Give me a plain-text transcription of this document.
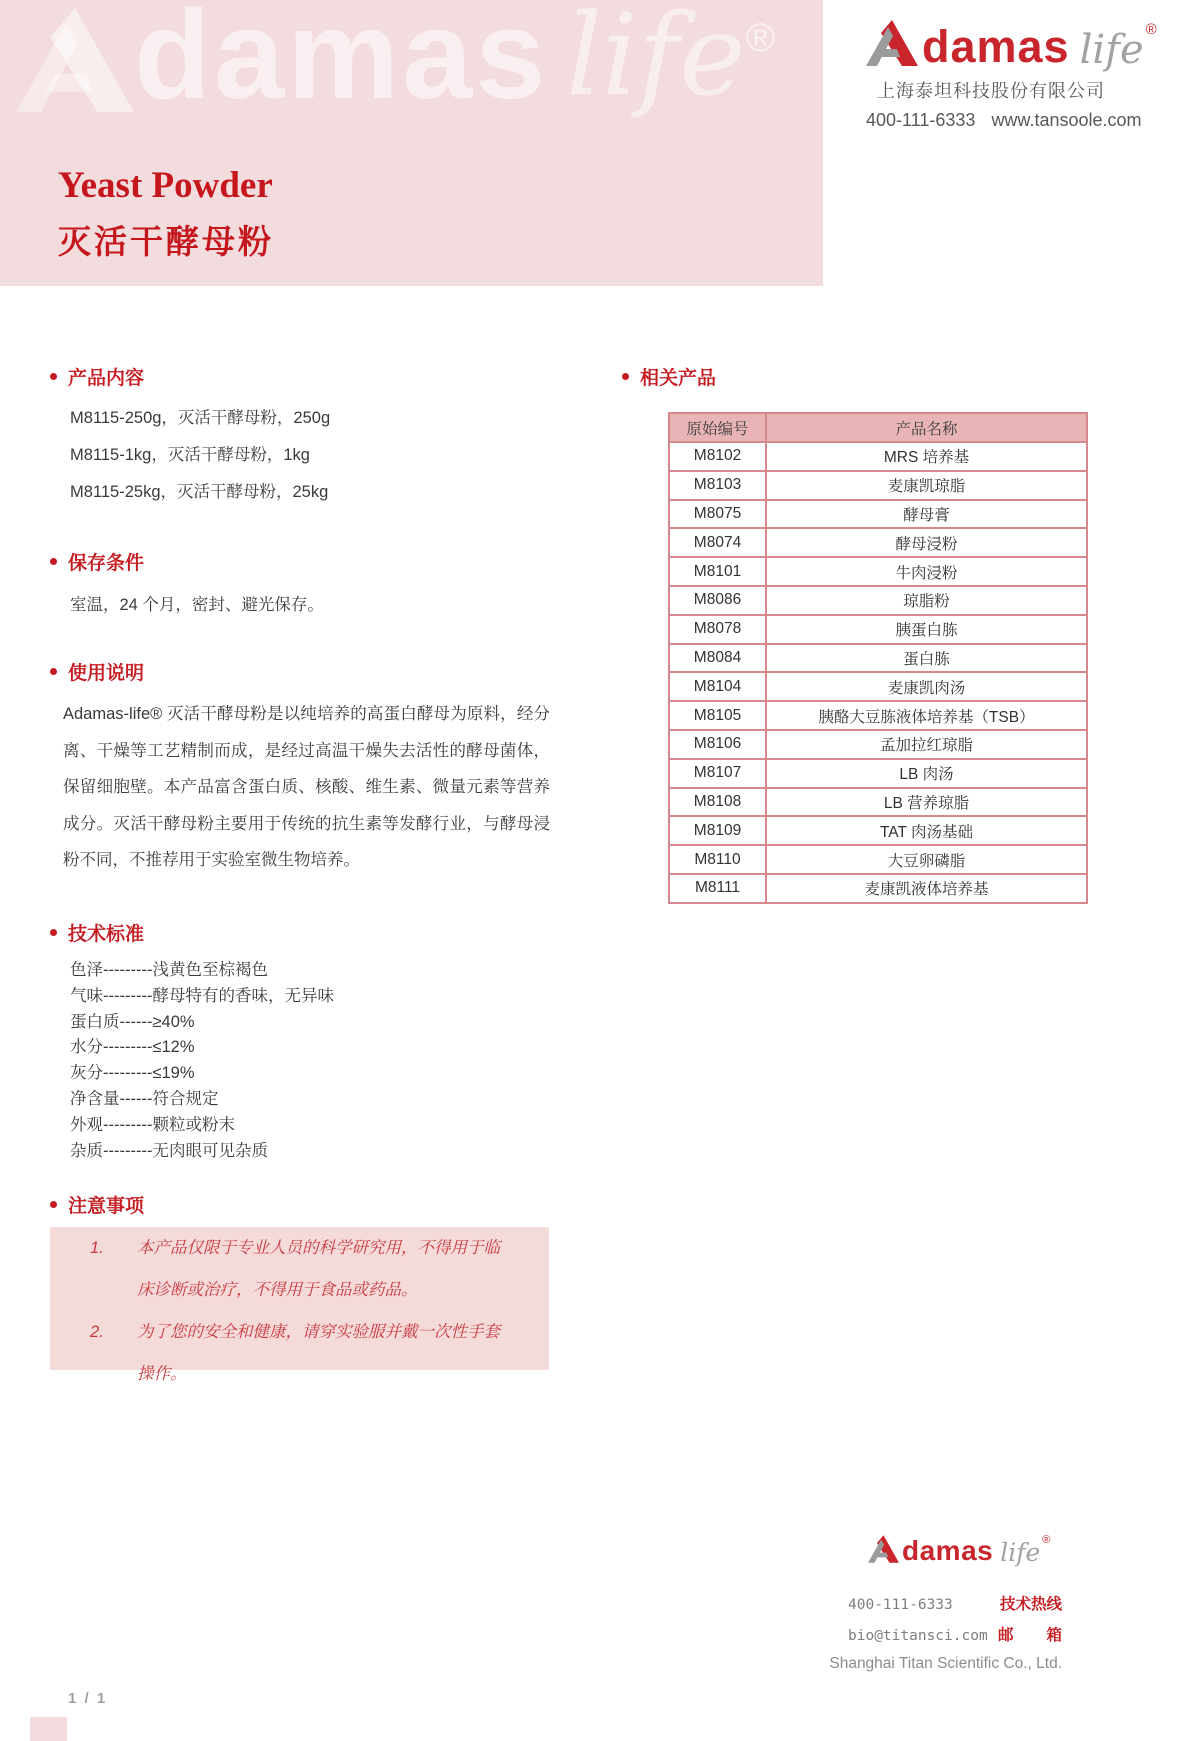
damas life ®
Yeast Powder
灭活干酵母粉
damas life ®
上海泰坦科技股份有限公司
400-111-6333 www.tansoole.com
产品内容
M8115-250g，灭活干酵母粉，250g
M8115-1kg，灭活干酵母粉，1kg
M8115-25kg，灭活干酵母粉，25kg
保存条件
室温，24 个月，密封、避光保存。
使用说明
Adamas-life® 灭活干酵母粉是以纯培养的高蛋白酵母为原料，经分离、干燥等工艺精制而成，是经过高温干燥失去活性的酵母菌体，保留细胞壁。本产品富含蛋白质、核酸、维生素、微量元素等营养成分。灭活干酵母粉主要用于传统的抗生素等发酵行业，与酵母浸粉不同，不推荐用于实验室微生物培养。
技术标准
色泽---------浅黄色至棕褐色
气味---------酵母特有的香味，无异味
蛋白质------≥40%
水分---------≤12%
灰分---------≤19%
净含量------符合规定
外观---------颗粒或粉末
杂质---------无肉眼可见杂质
注意事项
1.	本产品仅限于专业人员的科学研究用，不得用于临床诊断或治疗，不得用于食品或药品。
2.	为了您的安全和健康，请穿实验服并戴一次性手套操作。
相关产品
原始编号	产品名称
M8102	MRS 培养基
M8103	麦康凯琼脂
M8075	酵母膏
M8074	酵母浸粉
M8101	牛肉浸粉
M8086	琼脂粉
M8078	胰蛋白胨
M8084	蛋白胨
M8104	麦康凯肉汤
M8105	胰酪大豆胨液体培养基（TSB）
M8106	孟加拉红琼脂
M8107	LB 肉汤
M8108	LB 营养琼脂
M8109	TAT 肉汤基础
M8110	大豆卵磷脂
M8111	麦康凯液体培养基
damas life ®
400-111-6333	技术热线
bio@titansci.com 邮箱
Shanghai Titan Scientific Co., Ltd.
1 / 1
